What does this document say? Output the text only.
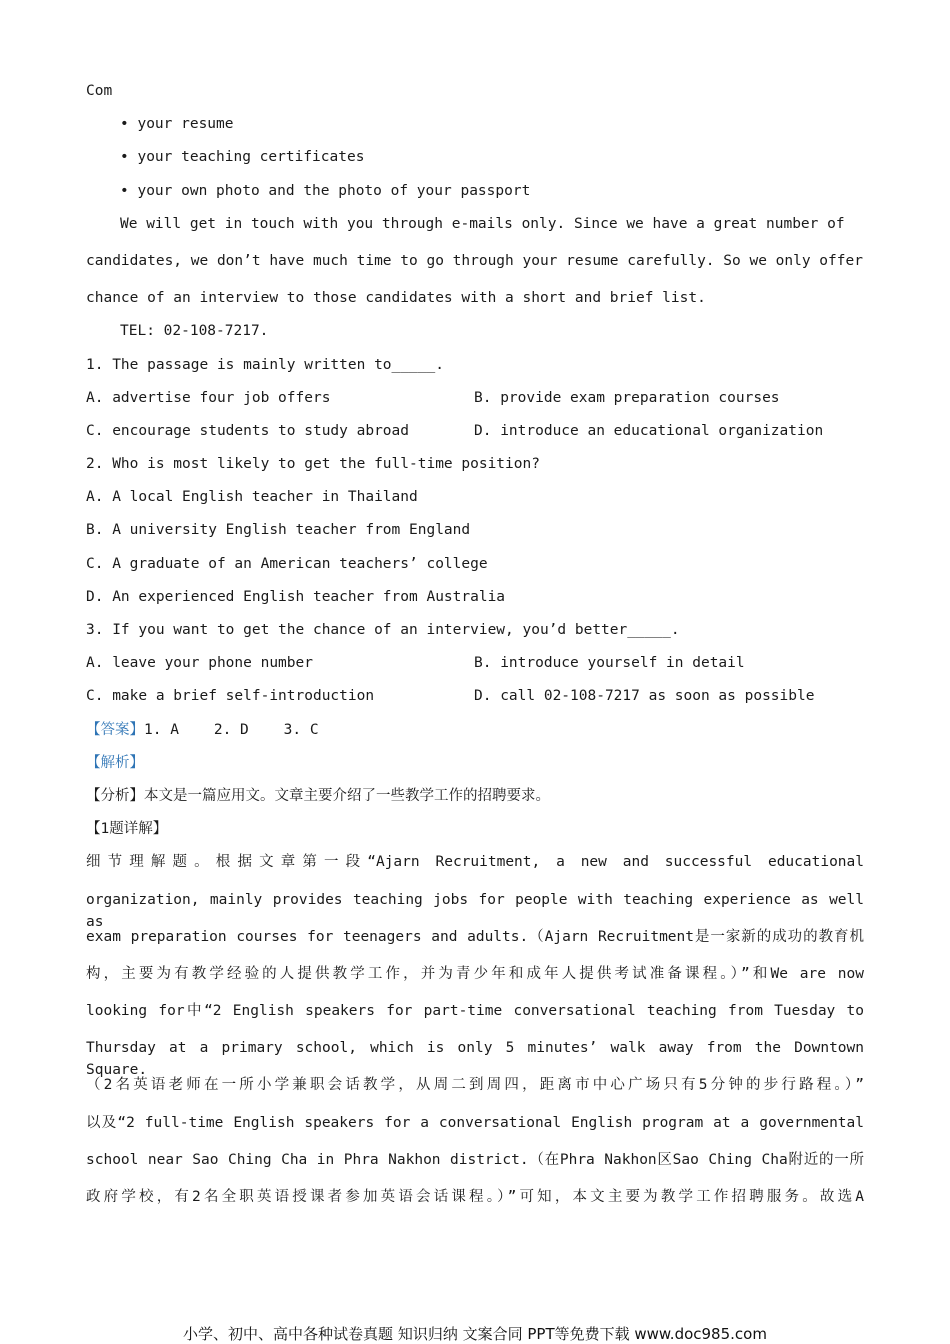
Com
• your resume
• your teaching certificates
• your own photo and the photo of your passport
We will get in touch with you through e-mails only. Since we have a great number of
candidates, we don’t have much time to go through your resume carefully. So we only offer
chance of an interview to those candidates with a short and brief list.
TEL: 02-108-7217.
1. The passage is mainly written to_____.
A. advertise four job offers	B. provide exam preparation courses
C. encourage students to study abroad	D. introduce an educational organization
2. Who is most likely to get the full-time position?
A. A local English teacher in Thailand
B. A university English teacher from England
C. A graduate of an American teachers’ college
D. An experienced English teacher from Australia
3. If you want to get the chance of an interview, you’d better_____.
A. leave your phone number	B. introduce yourself in detail
C. make a brief self-introduction	D. call 02-108-7217 as soon as possible
【答案】1. A    2. D    3. C
【解析】
【分析】本文是一篇应用文。文章主要介绍了一些教学工作的招聘要求。
【1题详解】
细节理解题。根据文章第一段“Ajarn Recruitment, a new and successful educational
organization, mainly provides teaching jobs for people with teaching experience as well as
exam preparation courses for teenagers and adults.（Ajarn Recruitment是一家新的成功的教育机
构，主要为有教学经验的人提供教学工作，并为青少年和成年人提供考试准备课程。）”和We are now
looking for中“2 English speakers for part-time conversational teaching from Tuesday to
Thursday at a primary school, which is only 5 minutes’ walk away from the Downtown Square.
（2名英语老师在一所小学兼职会话教学，从周二到周四，距离市中心广场只有5分钟的步行路程。）”
以及“2 full-time English speakers for a conversational English program at a governmental
school near Sao Ching Cha in Phra Nakhon district.（在Phra Nakhon区Sao Ching Cha附近的一所
政府学校，有2名全职英语授课者参加英语会话课程。）”可知，本文主要为教学工作招聘服务。故选A
小学、初中、高中各种试卷真题 知识归纳 文案合同 PPT等免费下载 www.doc985.com
